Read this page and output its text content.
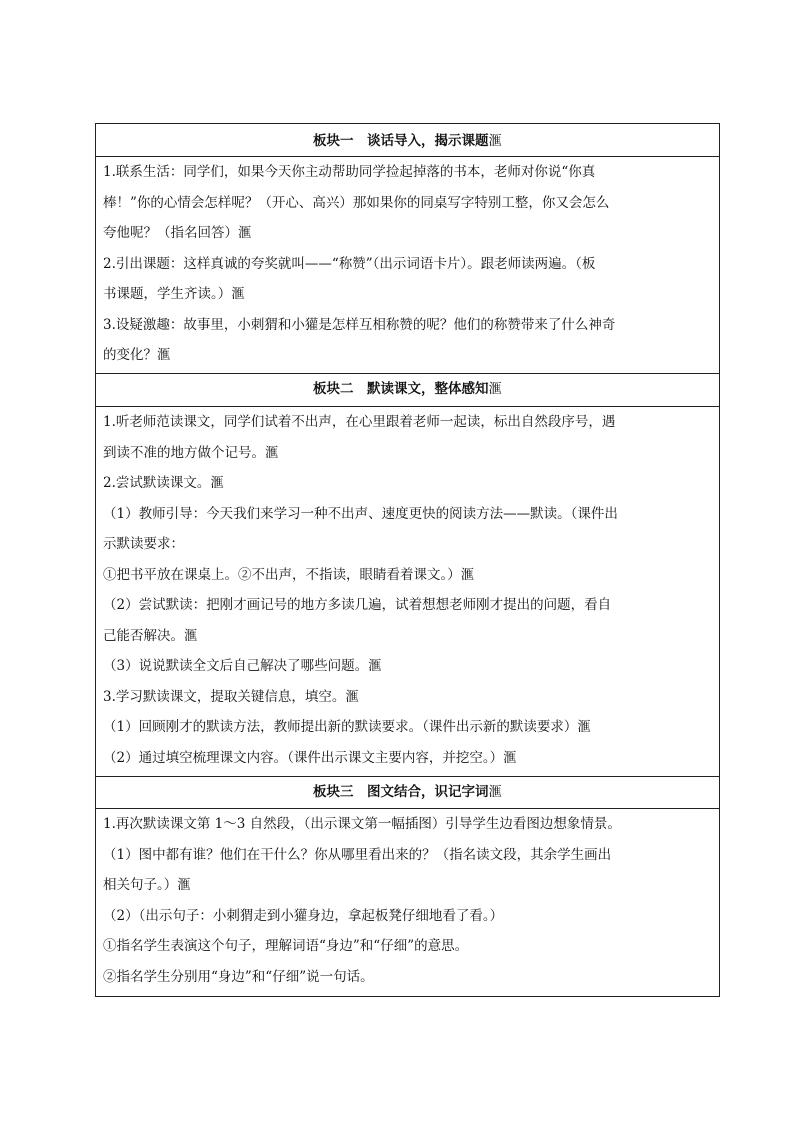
板块一　谈话导入，揭示课题滙
1.联系生活：同学们，如果今天你主动帮助同学捡起掉落的书本，老师对你说“你真
棒！”你的心情会怎样呢？（开心、高兴）那如果你的同桌写字特别工整，你又会怎么
夸他呢？（指名回答）滙
2.引出课题：这样真诚的夸奖就叫——“称赞”（出示词语卡片）。跟老师读两遍。（板
书课题，学生齐读。）滙
3.设疑激趣：故事里，小刺猬和小獾是怎样互相称赞的呢？他们的称赞带来了什么神奇
的变化？滙
板块二　默读课文，整体感知滙
1.听老师范读课文，同学们试着不出声，在心里跟着老师一起读，标出自然段序号，遇
到读不准的地方做个记号。滙
2.尝试默读课文。滙
（1）教师引导：今天我们来学习一种不出声、速度更快的阅读方法——默读。（课件出
示默读要求：
①把书平放在课桌上。②不出声，不指读，眼睛看着课文。）滙
（2）尝试默读：把刚才画记号的地方多读几遍，试着想想老师刚才提出的问题，看自
己能否解决。滙
（3）说说默读全文后自己解决了哪些问题。滙
3.学习默读课文，提取关键信息，填空。滙
（1）回顾刚才的默读方法，教师提出新的默读要求。（课件出示新的默读要求）滙
（2）通过填空梳理课文内容。（课件出示课文主要内容，并挖空。）滙
板块三　图文结合，识记字词滙
1.再次默读课文第 1～3 自然段，（出示课文第一幅插图）引导学生边看图边想象情景。
（1）图中都有谁？他们在干什么？你从哪里看出来的？（指名读文段，其余学生画出
相关句子。）滙
（2）（出示句子：小刺猬走到小獾身边，拿起板凳仔细地看了看。）
①指名学生表演这个句子，理解词语“身边”和“仔细”的意思。
②指名学生分别用“身边”和“仔细”说一句话。
